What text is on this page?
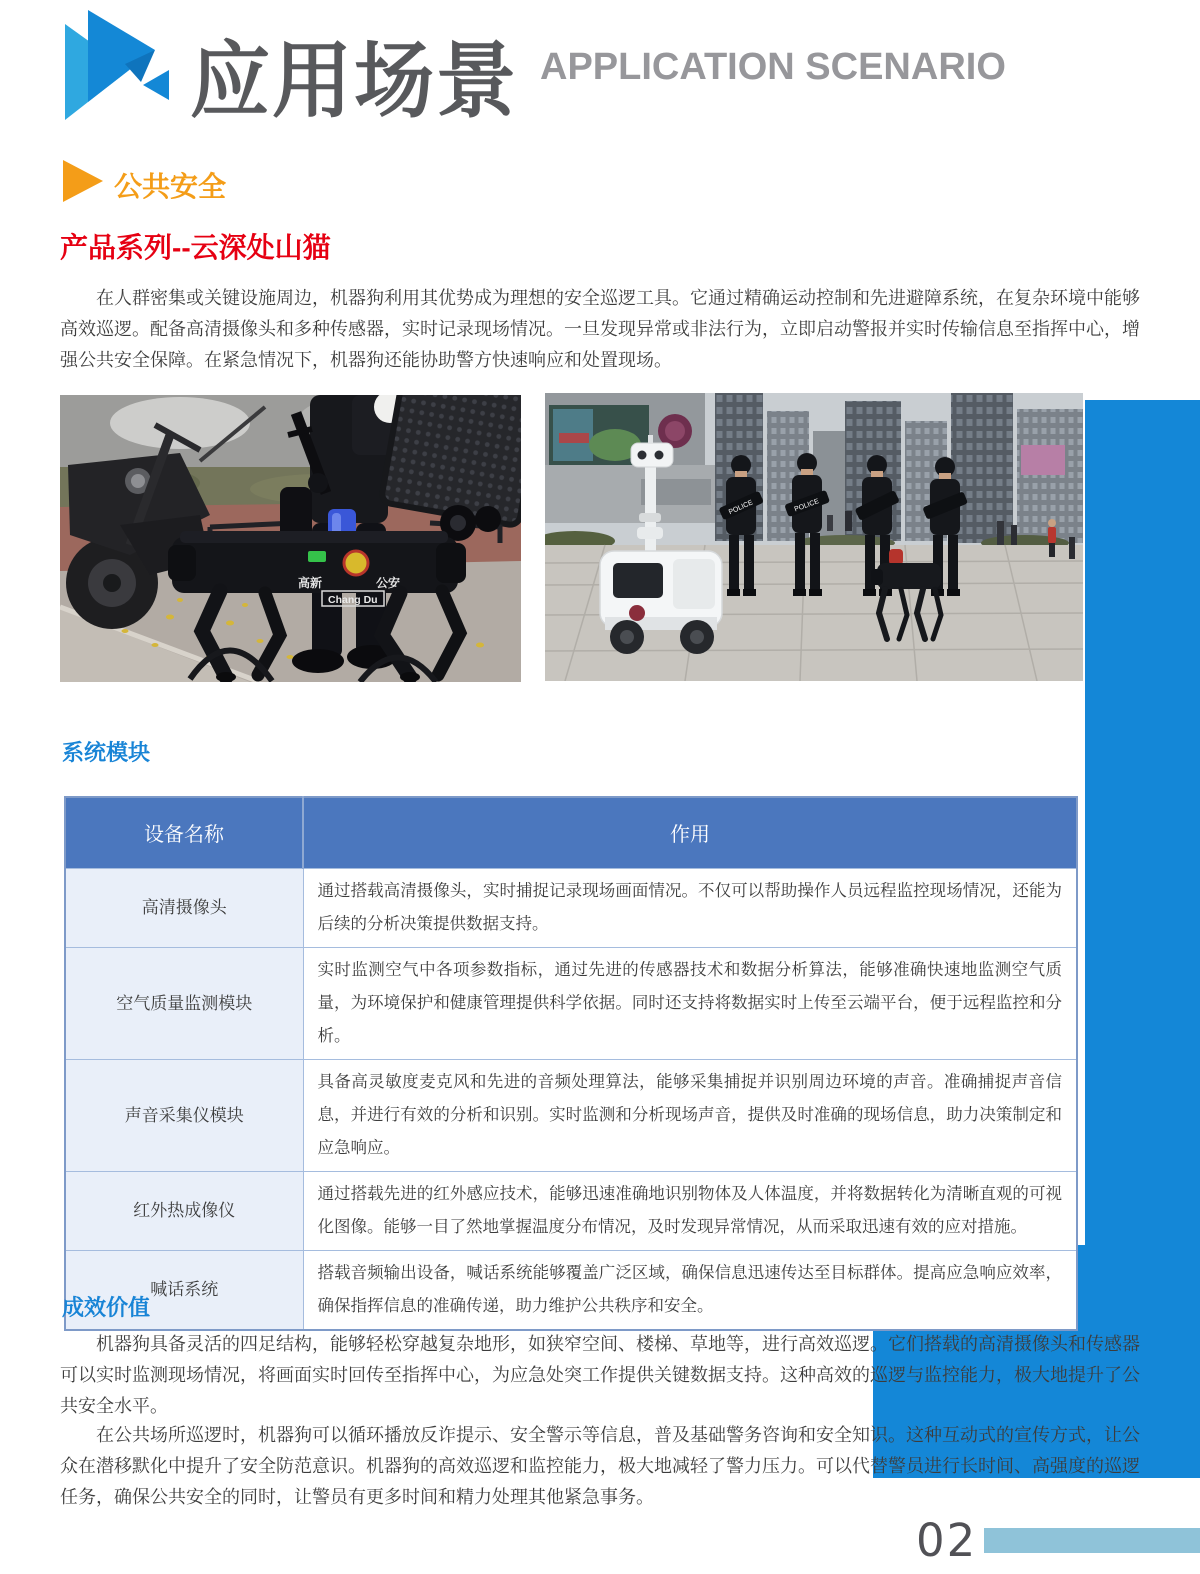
应用场景 APPLICATION SCENARIO
公共安全
产品系列--云深处山猫
在人群密集或关键设施周边，机器狗利用其优势成为理想的安全巡逻工具。它通过精确运动控制和先进避障系统，在复杂环境中能够高效巡逻。配备高清摄像头和多种传感器，实时记录现场情况。一旦发现异常或非法行为，立即启动警报并实时传输信息至指挥中心，增强公共安全保障。在紧急情况下，机器狗还能协助警方快速响应和处置现场。
高新	公安
Chang Du
POLICE	POLICE
系统模块
设备名称	作用
高清摄像头	通过搭载高清摄像头，实时捕捉记录现场画面情况。不仅可以帮助操作人员远程监控现场情况，还能为后续的分析决策提供数据支持。
空气质量监测模块	实时监测空气中各项参数指标，通过先进的传感器技术和数据分析算法，能够准确快速地监测空气质量，为环境保护和健康管理提供科学依据。同时还支持将数据实时上传至云端平台，便于远程监控和分析。
声音采集仪模块	具备高灵敏度麦克风和先进的音频处理算法，能够采集捕捉并识别周边环境的声音。准确捕捉声音信息，并进行有效的分析和识别。实时监测和分析现场声音，提供及时准确的现场信息，助力决策制定和应急响应。
红外热成像仪	通过搭载先进的红外感应技术，能够迅速准确地识别物体及人体温度，并将数据转化为清晰直观的可视化图像。能够一目了然地掌握温度分布情况，及时发现异常情况，从而采取迅速有效的应对措施。
喊话系统	搭载音频输出设备，喊话系统能够覆盖广泛区域，确保信息迅速传达至目标群体。提高应急响应效率，确保指挥信息的准确传递，助力维护公共秩序和安全。
成效价值
机器狗具备灵活的四足结构，能够轻松穿越复杂地形，如狭窄空间、楼梯、草地等，进行高效巡逻。它们搭载的高清摄像头和传感器可以实时监测现场情况，将画面实时回传至指挥中心，为应急处突工作提供关键数据支持。这种高效的巡逻与监控能力，极大地提升了公共安全水平。
在公共场所巡逻时，机器狗可以循环播放反诈提示、安全警示等信息，普及基础警务咨询和安全知识。这种互动式的宣传方式，让公众在潜移默化中提升了安全防范意识。机器狗的高效巡逻和监控能力，极大地减轻了警力压力。可以代替警员进行长时间、高强度的巡逻任务，确保公共安全的同时，让警员有更多时间和精力处理其他紧急事务。
02
